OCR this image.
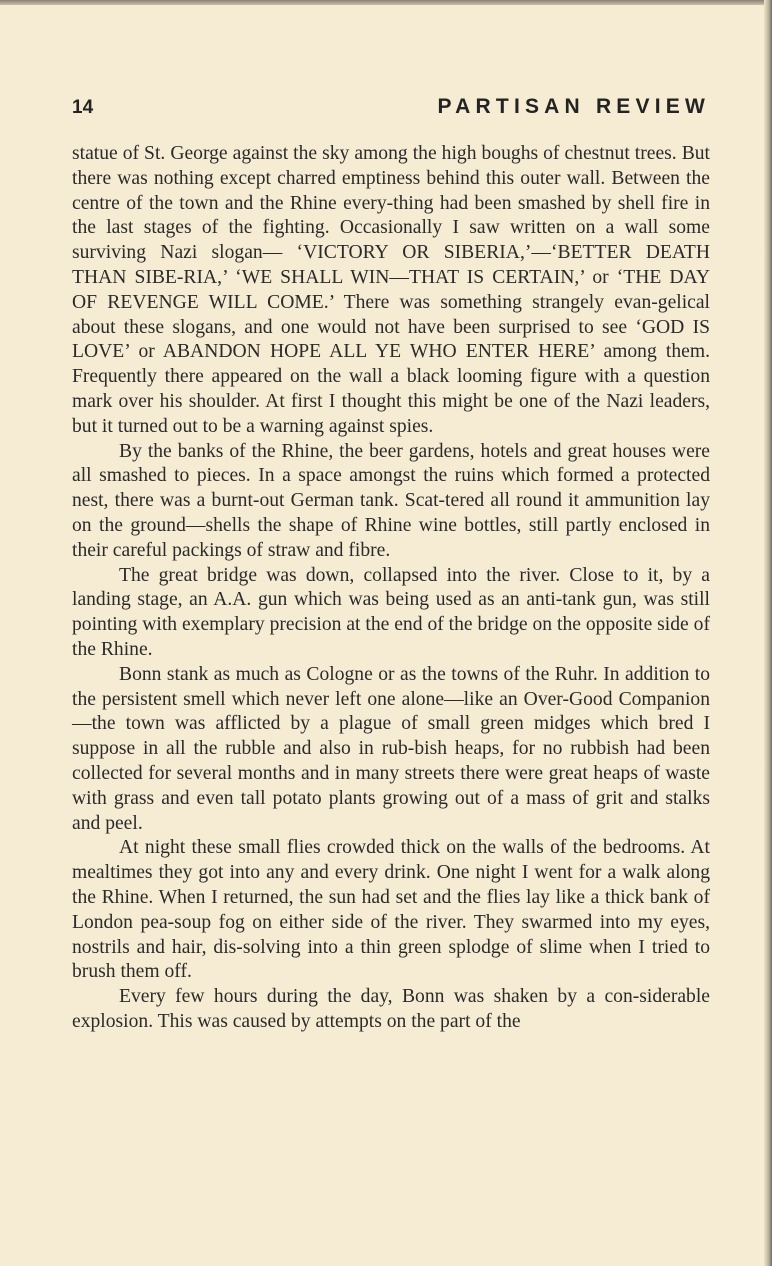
14	PARTISAN REVIEW

statue of St. George against the sky among the high boughs of chestnut trees. But there was nothing except charred emptiness behind this outer wall. Between the centre of the town and the Rhine every-thing had been smashed by shell fire in the last stages of the fighting. Occasionally I saw written on a wall some surviving Nazi slogan— ‘VICTORY OR SIBERIA,’—‘BETTER DEATH THAN SIBE-RIA,’ ‘WE SHALL WIN—THAT IS CERTAIN,’ or ‘THE DAY OF REVENGE WILL COME.’ There was something strangely evan-gelical about these slogans, and one would not have been surprised to see ‘GOD IS LOVE’ or ABANDON HOPE ALL YE WHO ENTER HERE’ among them. Frequently there appeared on the wall a black looming figure with a question mark over his shoulder. At first I thought this might be one of the Nazi leaders, but it turned out to be a warning against spies.

By the banks of the Rhine, the beer gardens, hotels and great houses were all smashed to pieces. In a space amongst the ruins which formed a protected nest, there was a burnt-out German tank. Scat-tered all round it ammunition lay on the ground—shells the shape of Rhine wine bottles, still partly enclosed in their careful packings of straw and fibre.

The great bridge was down, collapsed into the river. Close to it, by a landing stage, an A.A. gun which was being used as an anti-tank gun, was still pointing with exemplary precision at the end of the bridge on the opposite side of the Rhine.

Bonn stank as much as Cologne or as the towns of the Ruhr. In addition to the persistent smell which never left one alone—like an Over-Good Companion—the town was afflicted by a plague of small green midges which bred I suppose in all the rubble and also in rub-bish heaps, for no rubbish had been collected for several months and in many streets there were great heaps of waste with grass and even tall potato plants growing out of a mass of grit and stalks and peel.

At night these small flies crowded thick on the walls of the bedrooms. At mealtimes they got into any and every drink. One night I went for a walk along the Rhine. When I returned, the sun had set and the flies lay like a thick bank of London pea-soup fog on either side of the river. They swarmed into my eyes, nostrils and hair, dis-solving into a thin green splodge of slime when I tried to brush them off.

Every few hours during the day, Bonn was shaken by a con-siderable explosion. This was caused by attempts on the part of the
